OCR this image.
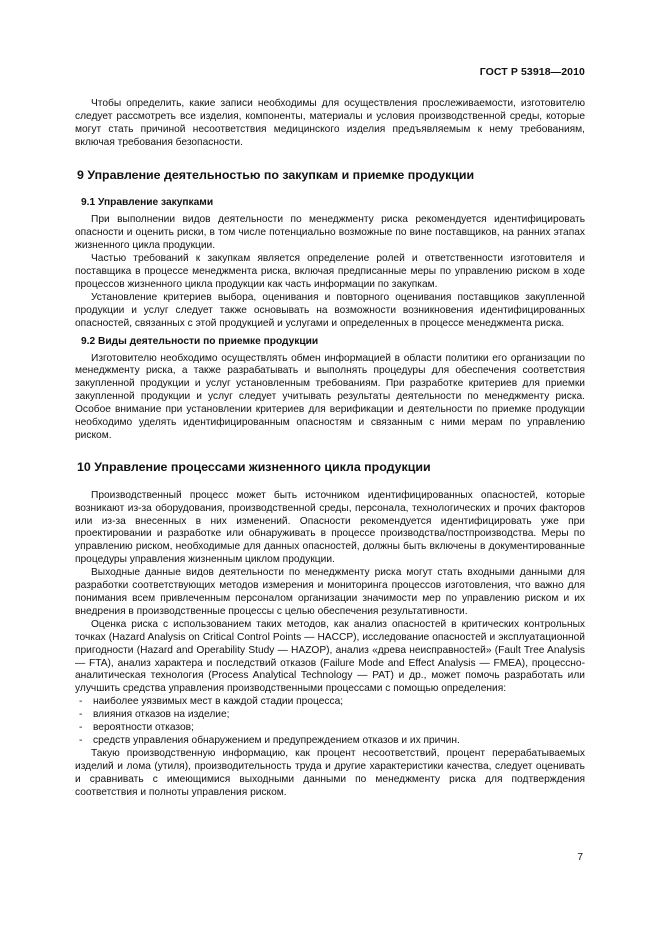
ГОСТ Р 53918—2010

Чтобы определить, какие записи необходимы для осуществления прослеживаемости, изготовителю следует рассмотреть все изделия, компоненты, материалы и условия производственной среды, которые могут стать причиной несоответствия медицинского изделия предъявляемым к нему требованиям, включая требования безопасности.

9 Управление деятельностью по закупкам и приемке продукции
9.1 Управление закупками

При выполнении видов деятельности по менеджменту риска рекомендуется идентифицировать опасности и оценить риски, в том числе потенциально возможные по вине поставщиков, на ранних этапах жизненного цикла продукции.

Частью требований к закупкам является определение ролей и ответственности изготовителя и поставщика в процессе менеджмента риска, включая предписанные меры по управлению риском в ходе процессов жизненного цикла продукции как часть информации по закупкам.

Установление критериев выбора, оценивания и повторного оценивания поставщиков закупленной продукции и услуг следует также основывать на возможности возникновения идентифицированных опасностей, связанных с этой продукцией и услугами и определенных в процессе менеджмента риска.

9.2 Виды деятельности по приемке продукции

Изготовителю необходимо осуществлять обмен информацией в области политики его организации по менеджменту риска, а также разрабатывать и выполнять процедуры для обеспечения соответствия закупленной продукции и услуг установленным требованиям. При разработке критериев для приемки закупленной продукции и услуг следует учитывать результаты деятельности по менеджменту риска. Особое внимание при установлении критериев для верификации и деятельности по приемке продукции необходимо уделять идентифицированным опасностям и связанным с ними мерам по управлению риском.

10 Управление процессами жизненного цикла продукции

Производственный процесс может быть источником идентифицированных опасностей, которые возникают из-за оборудования, производственной среды, персонала, технологических и прочих факторов или из-за внесенных в них изменений. Опасности рекомендуется идентифицировать уже при проектировании и разработке или обнаруживать в процессе производства/постпроизводства. Меры по управлению риском, необходимые для данных опасностей, должны быть включены в документированные процедуры управления жизненным циклом продукции.

Выходные данные видов деятельности по менеджменту риска могут стать входными данными для разработки соответствующих методов измерения и мониторинга процессов изготовления, что важно для понимания всем привлеченным персоналом организации значимости мер по управлению риском и их внедрения в производственные процессы с целью обеспечения результативности.

Оценка риска с использованием таких методов, как анализ опасностей в критических контрольных точках (Hazard Analysis on Critical Control Points — HACCP), исследование опасностей и эксплуатационной пригодности (Hazard and Operability Study — HAZOP), анализ «древа неисправностей» (Fault Tree Analysis — FTA), анализ характера и последствий отказов (Failure Mode and Effect Analysis — FMEA), процессно-аналитическая технология (Process Analytical Technology — PAT) и др., может помочь разработать или улучшить средства управления производственными процессами с помощью определения:

- наиболее уязвимых мест в каждой стадии процесса;
- влияния отказов на изделие;
- вероятности отказов;
- средств управления обнаружением и предупреждением отказов и их причин.

Такую производственную информацию, как процент несоответствий, процент перерабатываемых изделий и лома (утиля), производительность труда и другие характеристики качества, следует оценивать и сравнивать с имеющимися выходными данными по менеджменту риска для подтверждения соответствия и полноты управления риском.

7
